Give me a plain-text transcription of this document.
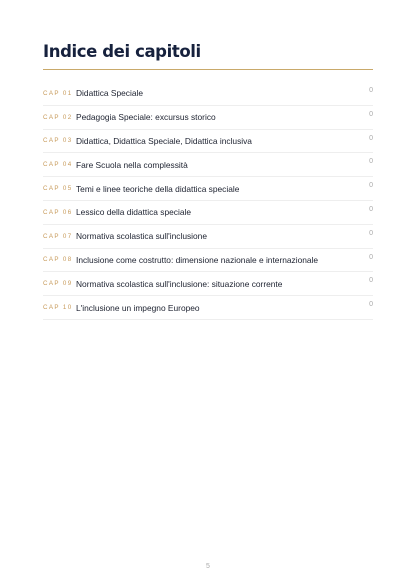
Indice dei capitoli
CAP 01 Didattica Speciale	0
CAP 02 Pedagogia Speciale: excursus storico	0
CAP 03 Didattica, Didattica Speciale, Didattica inclusiva	0
CAP 04 Fare Scuola nella complessità	0
CAP 05 Temi e linee teoriche della didattica speciale	0
CAP 06 Lessico della didattica speciale	0
CAP 07 Normativa scolastica sull'inclusione	0
CAP 08 Inclusione come costrutto: dimensione nazionale e internazionale	0
CAP 09 Normativa scolastica sull'inclusione: situazione corrente	0
CAP 10 L'inclusione un impegno Europeo	0
5
